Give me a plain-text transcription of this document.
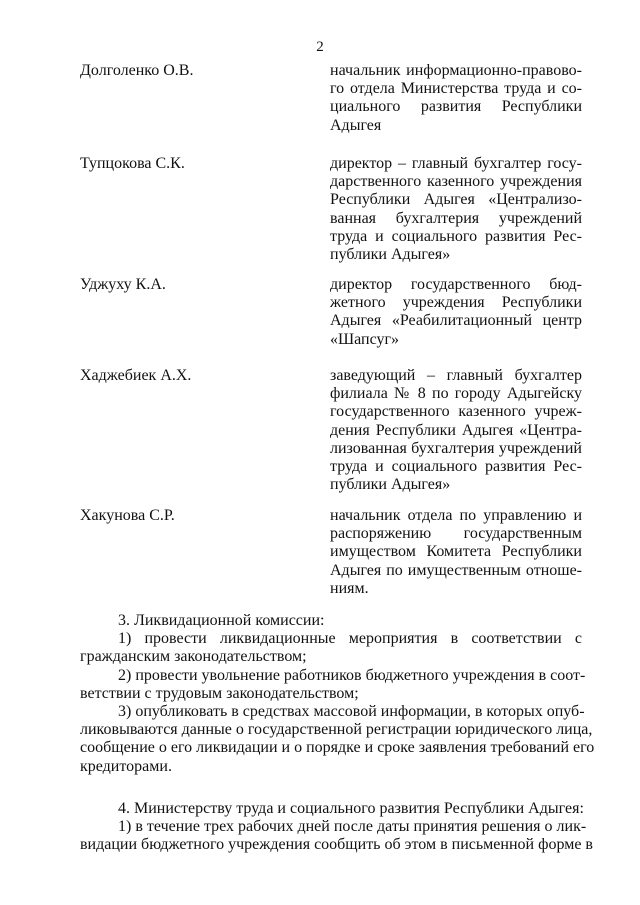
2
Долголенко О.В.	начальник информационно-правово-
го отдела Министерства труда и со-
циального развития Республики
Адыгея
Тупцокова С.К.	директор – главный бухгалтер госу-
дарственного казенного учреждения
Республики Адыгея «Централизо-
ванная бухгалтерия учреждений
труда и социального развития Рес-
публики Адыгея»
Уджуху К.А.	директор государственного бюд-
жетного учреждения Республики
Адыгея «Реабилитационный центр
«Шапсуг»
Хаджебиек А.Х.	заведующий – главный бухгалтер
филиала № 8 по городу Адыгейску
государственного казенного учреж-
дения Республики Адыгея «Центра-
лизованная бухгалтерия учреждений
труда и социального развития Рес-
публики Адыгея»
Хакунова С.Р.	начальник отдела по управлению и
распоряжению государственным
имуществом Комитета Республики
Адыгея по имущественным отноше-
ниям.
3. Ликвидационной комиссии:
1) провести ликвидационные мероприятия в соответствии с
гражданским законодательством;
2) провести увольнение работников бюджетного учреждения в соот-
ветствии с трудовым законодательством;
3) опубликовать в средствах массовой информации, в которых опуб-
ликовываются данные о государственной регистрации юридического лица,
сообщение о его ликвидации и о порядке и сроке заявления требований его
кредиторами.
4. Министерству труда и социального развития Республики Адыгея:
1) в течение трех рабочих дней после даты принятия решения о лик-
видации бюджетного учреждения сообщить об этом в письменной форме в
